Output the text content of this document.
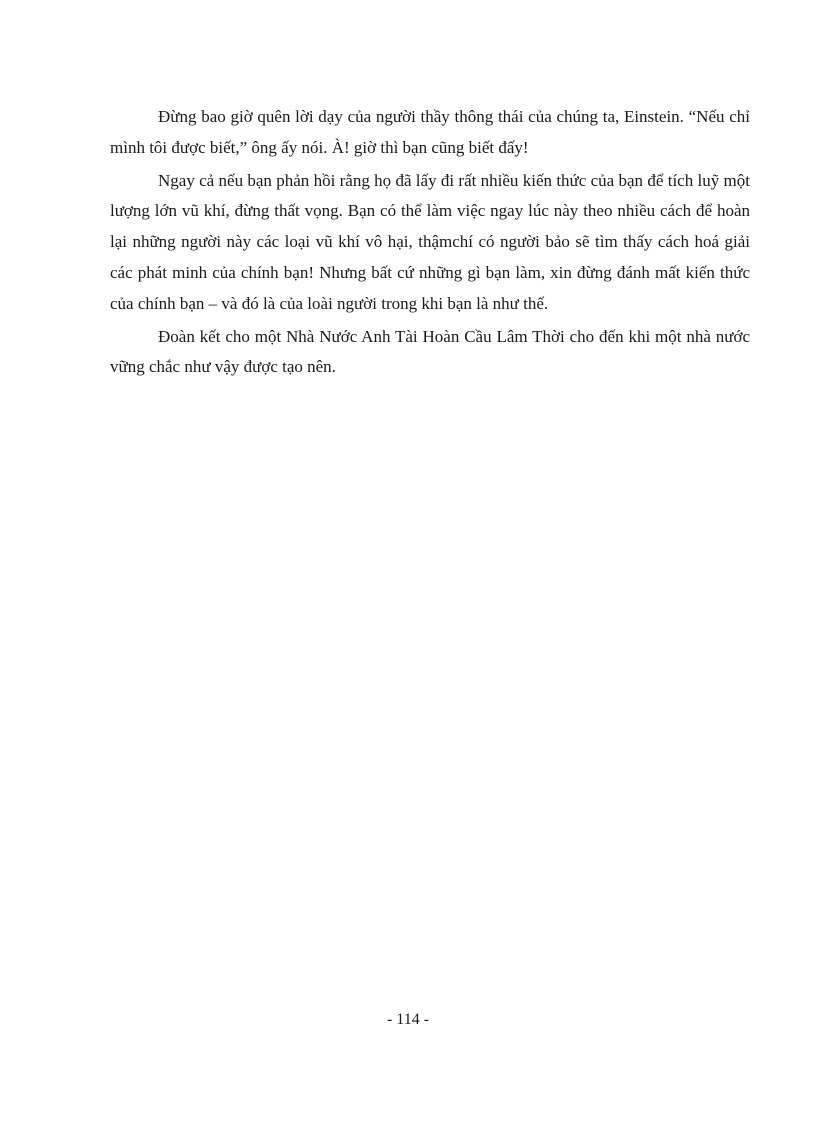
Đừng bao giờ quên lời dạy của người thầy thông thái của chúng ta, Einstein. “Nếu chỉ mình tôi được biết,” ông ấy nói. À! giờ thì bạn cũng biết đấy!

Ngay cả nếu bạn phản hồi rằng họ đã lấy đi rất nhiều kiến thức của bạn để tích luỹ một lượng lớn vũ khí, đừng thất vọng. Bạn có thể làm việc ngay lúc này theo nhiều cách để hoàn lại những người này các loại vũ khí vô hại, thậmchí có người bảo sẽ tìm thấy cách hoá giải các phát minh của chính bạn! Nhưng bất cứ những gì bạn làm, xin đừng đánh mất kiến thức của chính bạn – và đó là của loài người trong khi bạn là như thế.

Đoàn kết cho một Nhà Nước Anh Tài Hoàn Cầu Lâm Thời cho đến khi một nhà nước vững chắc như vậy được tạo nên.

- 114 -
